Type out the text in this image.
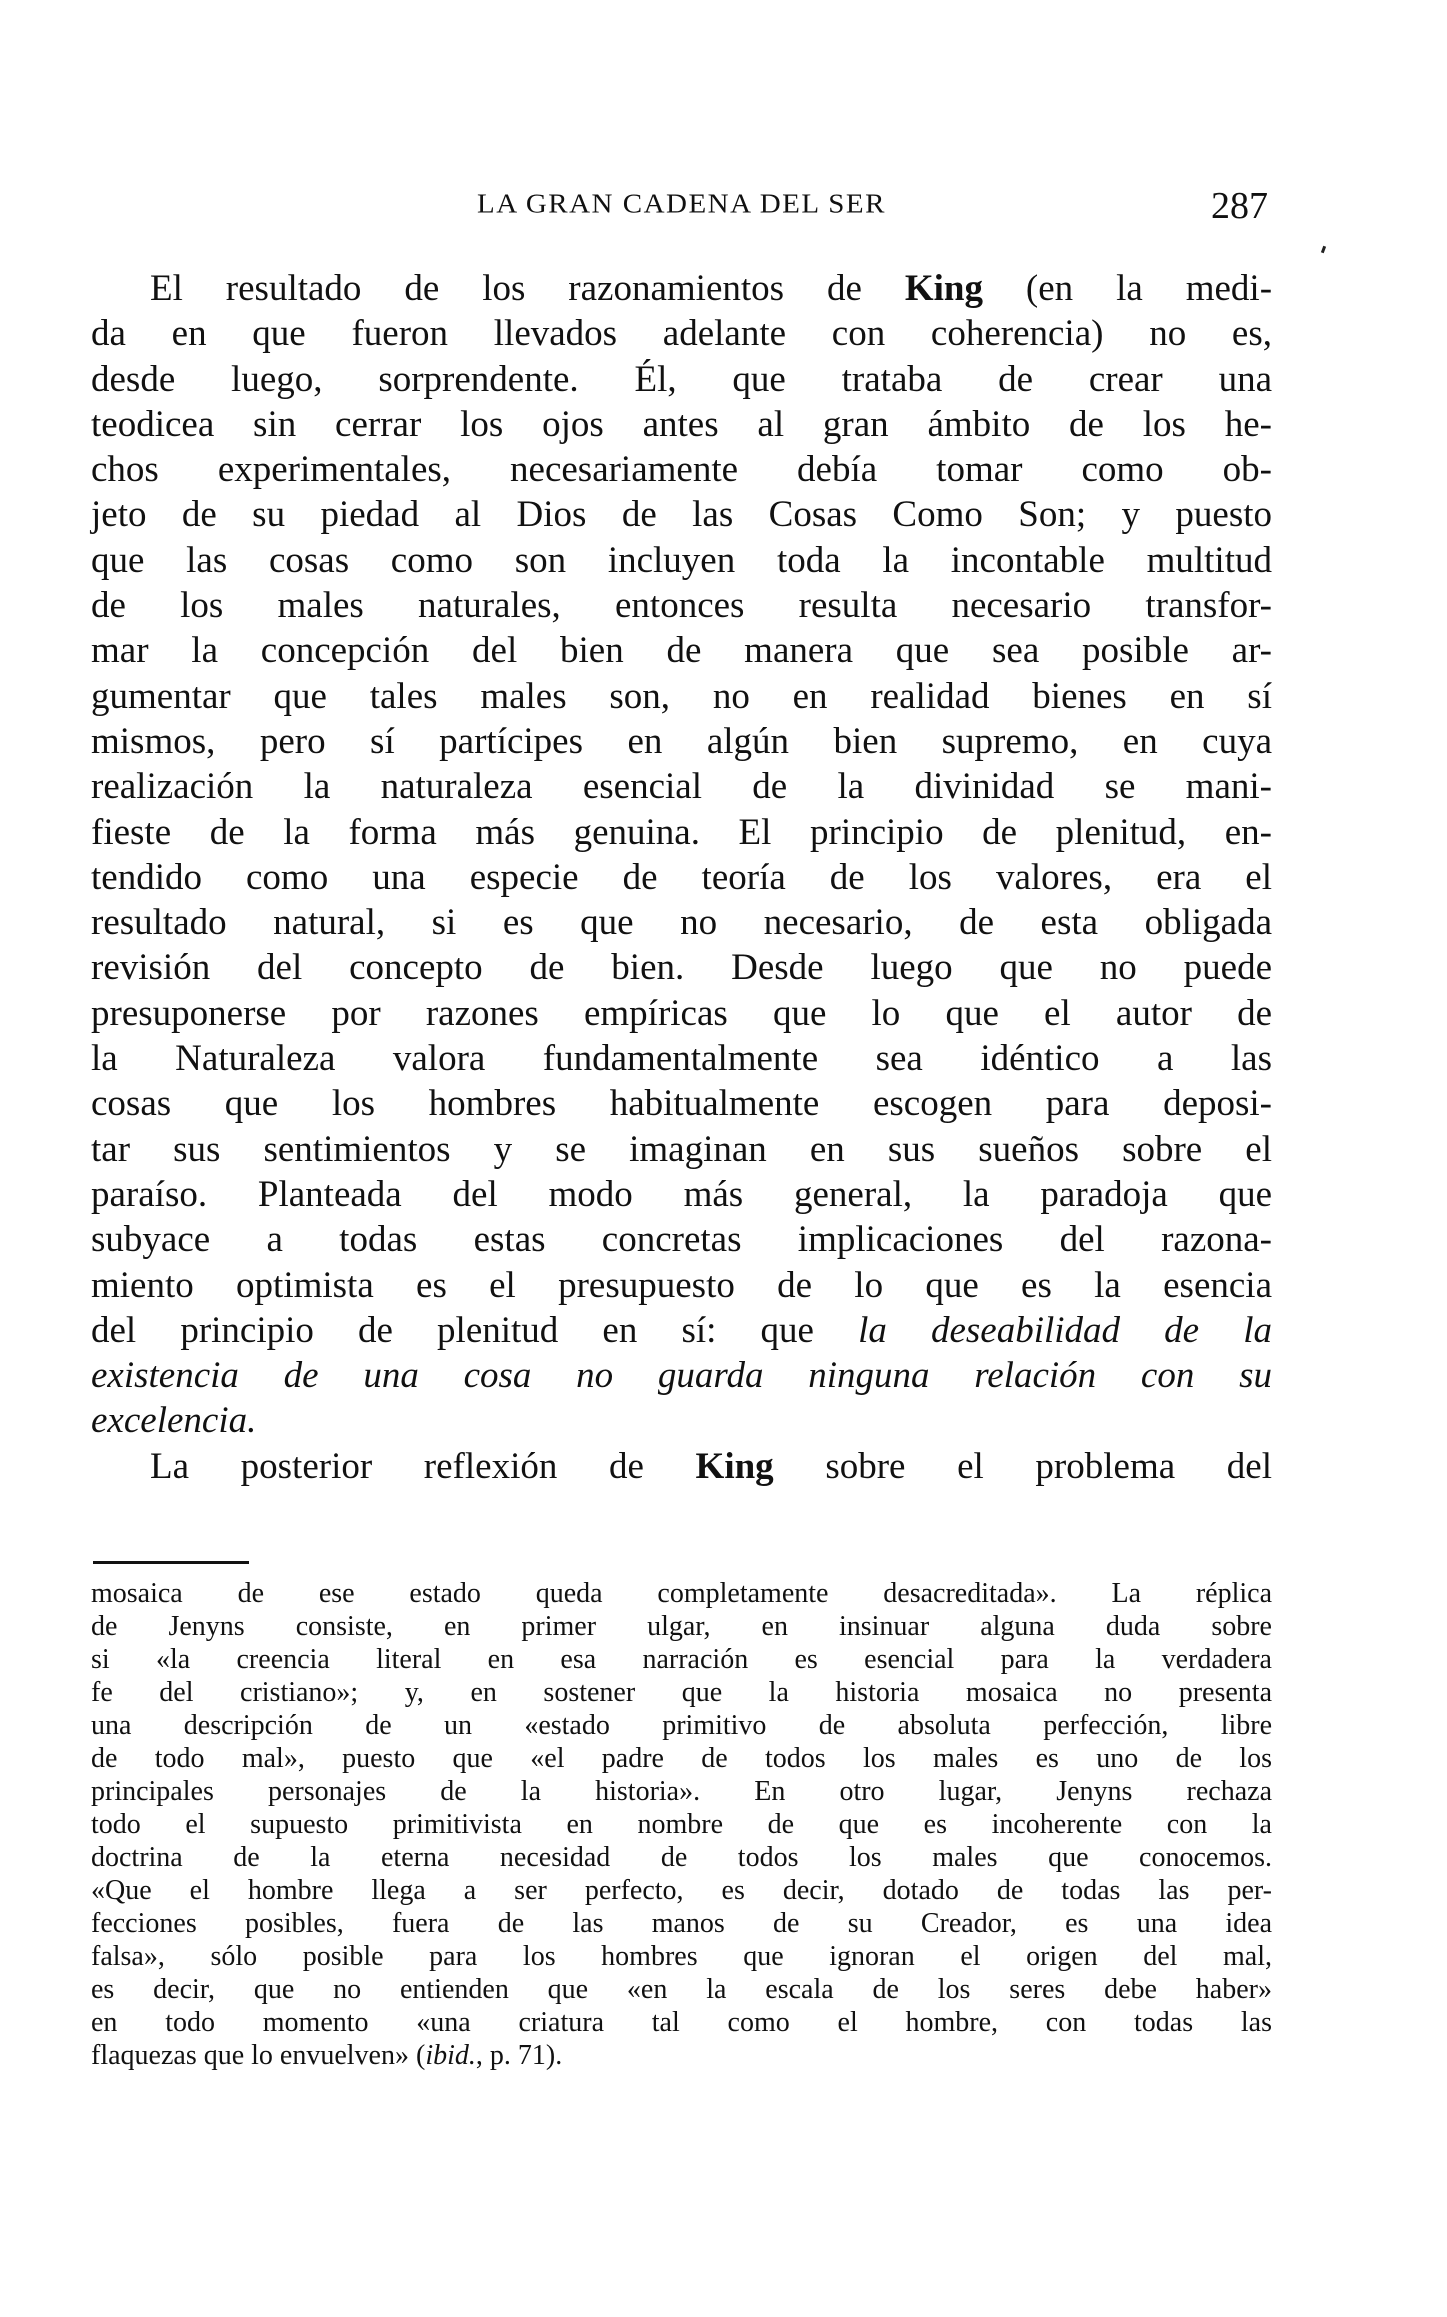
LA GRAN CADENA DEL SER	287
El resultado de los razonamientos de King (en la medi-
da en que fueron llevados adelante con coherencia) no es,
desde luego, sorprendente. Él, que trataba de crear una
teodicea sin cerrar los ojos antes al gran ámbito de los he-
chos experimentales, necesariamente debía tomar como ob-
jeto de su piedad al Dios de las Cosas Como Son; y puesto
que las cosas como son incluyen toda la incontable multitud
de los males naturales, entonces resulta necesario transfor-
mar la concepción del bien de manera que sea posible ar-
gumentar que tales males son, no en realidad bienes en sí
mismos, pero sí partícipes en algún bien supremo, en cuya
realización la naturaleza esencial de la divinidad se mani-
fieste de la forma más genuina. El principio de plenitud, en-
tendido como una especie de teoría de los valores, era el
resultado natural, si es que no necesario, de esta obligada
revisión del concepto de bien. Desde luego que no puede
presuponerse por razones empíricas que lo que el autor de
la Naturaleza valora fundamentalmente sea idéntico a las
cosas que los hombres habitualmente escogen para deposi-
tar sus sentimientos y se imaginan en sus sueños sobre el
paraíso. Planteada del modo más general, la paradoja que
subyace a todas estas concretas implicaciones del razona-
miento optimista es el presupuesto de lo que es la esencia
del principio de plenitud en sí: que la deseabilidad de la
existencia de una cosa no guarda ninguna relación con su
excelencia.
La posterior reflexión de King sobre el problema del
mosaica de ese estado queda completamente desacreditada». La réplica
de Jenyns consiste, en primer ulgar, en insinuar alguna duda sobre
si «la creencia literal en esa narración es esencial para la verdadera
fe del cristiano»; y, en sostener que la historia mosaica no presenta
una descripción de un «estado primitivo de absoluta perfección, libre
de todo mal», puesto que «el padre de todos los males es uno de los
principales personajes de la historia». En otro lugar, Jenyns rechaza
todo el supuesto primitivista en nombre de que es incoherente con la
doctrina de la eterna necesidad de todos los males que conocemos.
«Que el hombre llega a ser perfecto, es decir, dotado de todas las per-
fecciones posibles, fuera de las manos de su Creador, es una idea
falsa», sólo posible para los hombres que ignoran el origen del mal,
es decir, que no entienden que «en la escala de los seres debe haber»
en todo momento «una criatura tal como el hombre, con todas las
flaquezas que lo envuelven» (ibid., p. 71).
